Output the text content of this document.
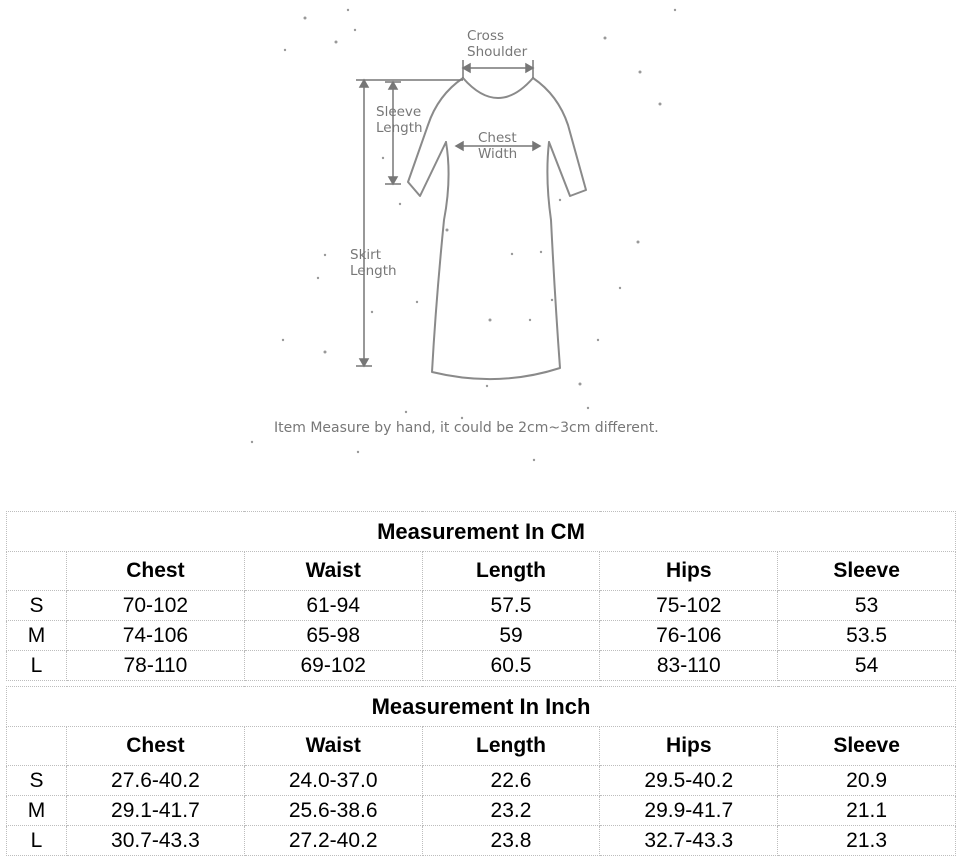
Cross
Shoulder
Sleeve
Length
Chest
Width
Skirt
Length
Item Measure by hand, it could be 2cm~3cm different.
Measurement In CM					
	Chest	Waist	Length	Hips	Sleeve
S	70-102	61-94	57.5	75-102	53
M	74-106	65-98	59	76-106	53.5
L	78-110	69-102	60.5	83-110	54
Measurement In Inch					
	Chest	Waist	Length	Hips	Sleeve
S	27.6-40.2	24.0-37.0	22.6	29.5-40.2	20.9
M	29.1-41.7	25.6-38.6	23.2	29.9-41.7	21.1
L	30.7-43.3	27.2-40.2	23.8	32.7-43.3	21.3
